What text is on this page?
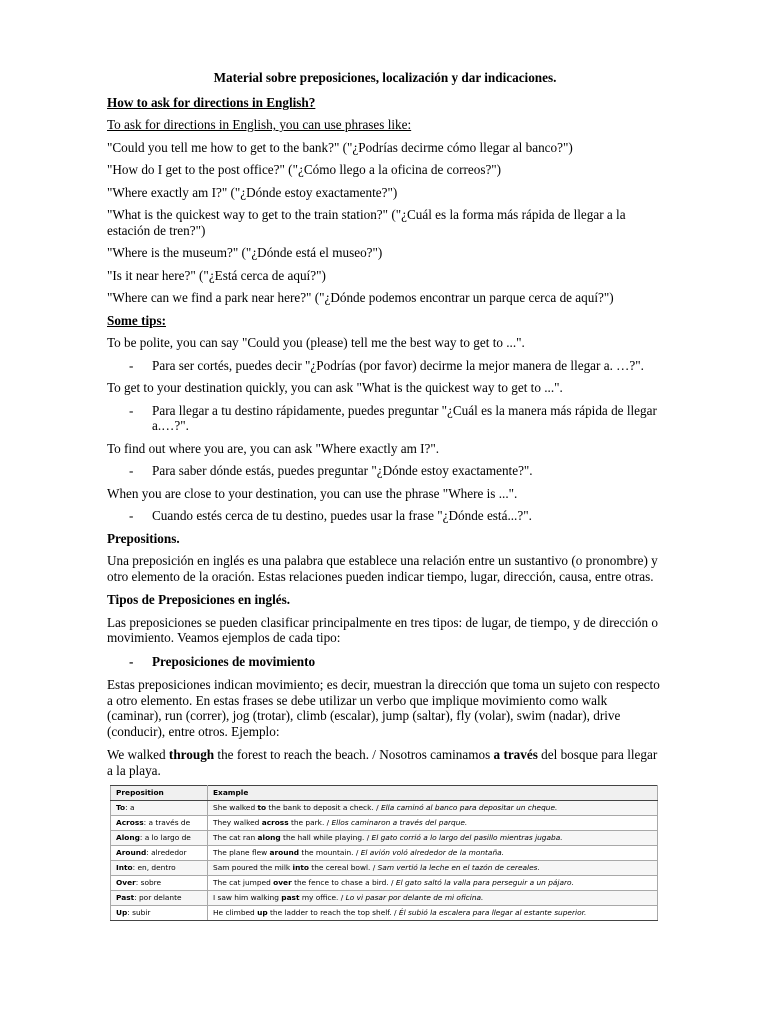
Material sobre preposiciones, localización y dar indicaciones.

How to ask for directions in English?

To ask for directions in English, you can use phrases like:

"Could you tell me how to get to the bank?" ("¿Podrías decirme cómo llegar al banco?")

"How do I get to the post office?" ("¿Cómo llego a la oficina de correos?")

"Where exactly am I?" ("¿Dónde estoy exactamente?")

"What is the quickest way to get to the train station?" ("¿Cuál es la forma más rápida de llegar a la estación de tren?")

"Where is the museum?" ("¿Dónde está el museo?")

"Is it near here?" ("¿Está cerca de aquí?")

"Where can we find a park near here?" ("¿Dónde podemos encontrar un parque cerca de aquí?")

Some tips:

To be polite, you can say "Could you (please) tell me the best way to get to ...".

-	Para ser cortés, puedes decir "¿Podrías (por favor) decirme la mejor manera de llegar a. …?".

To get to your destination quickly, you can ask "What is the quickest way to get to ...".

-	Para llegar a tu destino rápidamente, puedes preguntar "¿Cuál es la manera más rápida de llegar a.…?".

To find out where you are, you can ask "Where exactly am I?".

-	Para saber dónde estás, puedes preguntar "¿Dónde estoy exactamente?".

When you are close to your destination, you can use the phrase "Where is ...".

-	Cuando estés cerca de tu destino, puedes usar la frase "¿Dónde está...?".

Prepositions.

Una preposición en inglés es una palabra que establece una relación entre un sustantivo (o pronombre) y otro elemento de la oración. Estas relaciones pueden indicar tiempo, lugar, dirección, causa, entre otras.

Tipos de Preposiciones en inglés.

Las preposiciones se pueden clasificar principalmente en tres tipos: de lugar, de tiempo, y de dirección o movimiento. Veamos ejemplos de cada tipo:

-	Preposiciones de movimiento

Estas preposiciones indican movimiento; es decir, muestran la dirección que toma un sujeto con respecto a otro elemento. En estas frases se debe utilizar un verbo que implique movimiento como walk (caminar), run (correr), jog (trotar), climb (escalar), jump (saltar), fly (volar), swim (nadar), drive (conducir), entre otros. Ejemplo:

We walked through the forest to reach the beach. / Nosotros caminamos a través del bosque para llegar a la playa.

Preposition	Example
To: a	She walked to the bank to deposit a check. / Ella caminó al banco para depositar un cheque.
Across: a través de	They walked across the park. / Ellos caminaron a través del parque.
Along: a lo largo de	The cat ran along the hall while playing. / El gato corrió a lo largo del pasillo mientras jugaba.
Around: alrededor	The plane flew around the mountain. / El avión voló alrededor de la montaña.
Into: en, dentro	Sam poured the milk into the cereal bowl. / Sam vertió la leche en el tazón de cereales.
Over: sobre	The cat jumped over the fence to chase a bird. / El gato saltó la valla para perseguir a un pájaro.
Past: por delante	I saw him walking past my office. / Lo vi pasar por delante de mi oficina.
Up: subir	He climbed up the ladder to reach the top shelf. / Él subió la escalera para llegar al estante superior.
